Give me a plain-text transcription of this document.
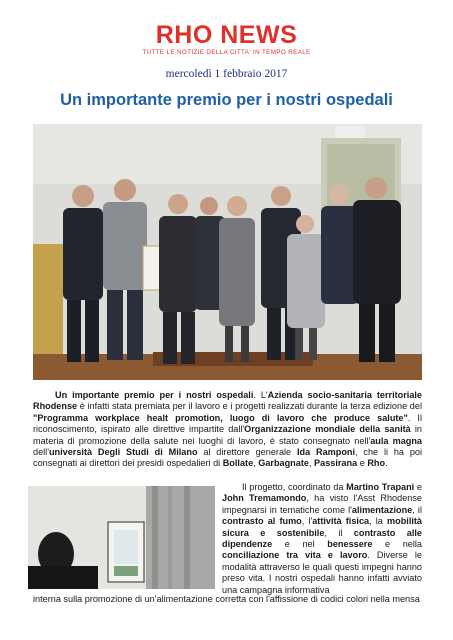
RHO NEWS
TUTTE LE NOTIZIE DELLA CITTA' IN TEMPO REALE
mercoledì 1 febbraio 2017
Un importante premio per i nostri ospedali
Un importante premio per i nostri ospedali. L'Azienda socio-sanitaria territoriale Rhodense è infatti stata premiata per il lavoro e i progetti realizzati durante la terza edizione del "Programma workplace healt promotion, luogo di lavoro che produce salute". Il riconoscimento, ispirato alle direttive impartite dall'Organizzazione mondiale della sanità in materia di promozione della salute nei luoghi di lavoro, è stato consegnato nell'aula magna dell'università Degli Studi di Milano al direttore generale Ida Ramponi, che li ha poi consegnati ai direttori dei presidi ospedalieri di Bollate, Garbagnate, Passirana e Rho.
Il progetto, coordinato da Martino Trapani e John Tremamondo, ha visto l'Asst Rhodense impegnarsi in tematiche come l'alimentazione, il contrasto al fumo, l'attività fisica, la mobilità sicura e sostenibile, il contrasto alle dipendenze e nel benessere e nella conciliazione tra vita e lavoro. Diverse le modalità attraverso le quali questi impegni hanno preso vita. I nostri ospedali hanno infatti avviato una campagna informativa
interna sulla promozione di un'alimentazione corretta con l'affissione di codici colori nella mensa
